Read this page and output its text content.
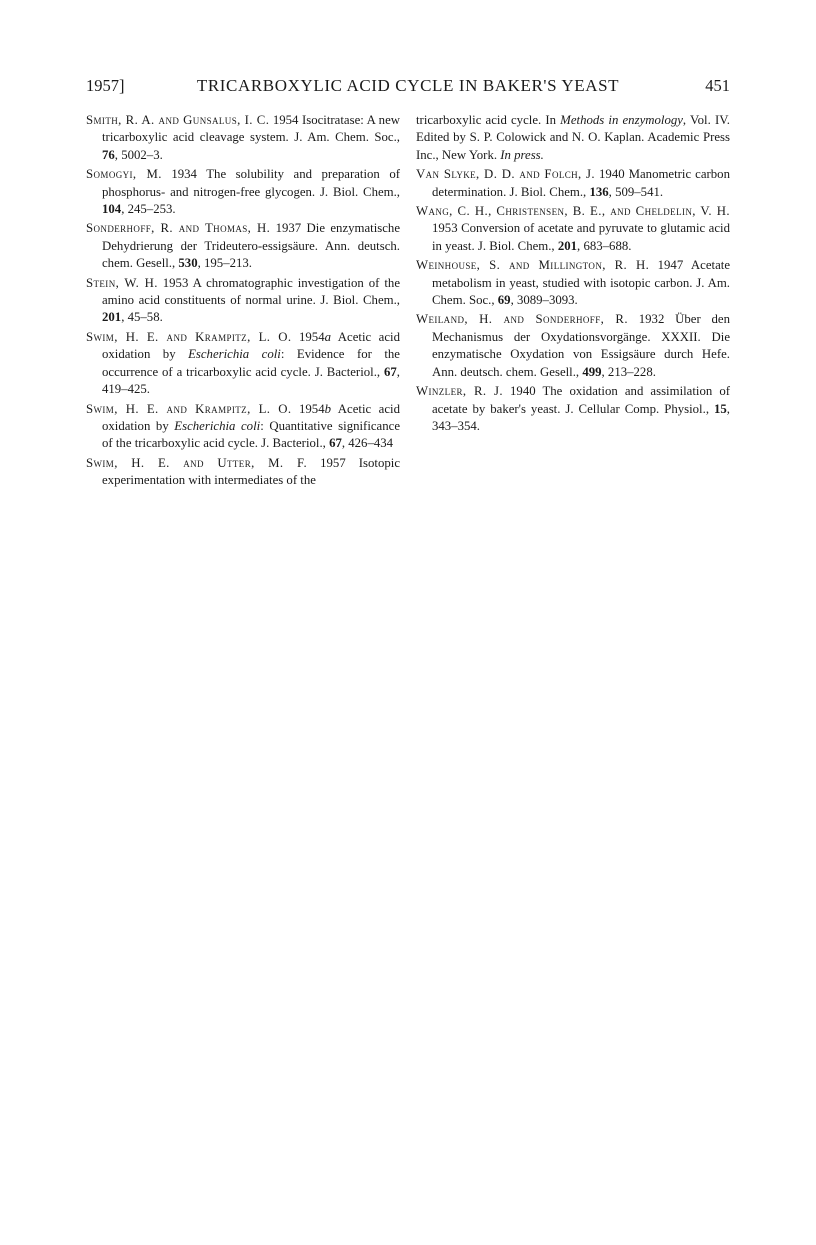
1957]	TRICARBOXYLIC ACID CYCLE IN BAKER'S YEAST	451

Smith, R. A. and Gunsalus, I. C. 1954 Isocitratase: A new tricarboxylic acid cleavage system. J. Am. Chem. Soc., 76, 5002–3.

Somogyi, M. 1934 The solubility and preparation of phosphorus- and nitrogen-free glycogen. J. Biol. Chem., 104, 245–253.

Sonderhoff, R. and Thomas, H. 1937 Die enzymatische Dehydrierung der Trideutero-essigsäure. Ann. deutsch. chem. Gesell., 530, 195–213.

Stein, W. H. 1953 A chromatographic investigation of the amino acid constituents of normal urine. J. Biol. Chem., 201, 45–58.

Swim, H. E. and Krampitz, L. O. 1954a Acetic acid oxidation by Escherichia coli: Evidence for the occurrence of a tricarboxylic acid cycle. J. Bacteriol., 67, 419–425.

Swim, H. E. and Krampitz, L. O. 1954b Acetic acid oxidation by Escherichia coli: Quantitative significance of the tricarboxylic acid cycle. J. Bacteriol., 67, 426–434

Swim, H. E. and Utter, M. F. 1957 Isotopic experimentation with intermediates of the

tricarboxylic acid cycle. In Methods in enzymology, Vol. IV. Edited by S. P. Colowick and N. O. Kaplan. Academic Press Inc., New York. In press.

Van Slyke, D. D. and Folch, J. 1940 Manometric carbon determination. J. Biol. Chem., 136, 509–541.

Wang, C. H., Christensen, B. E., and Cheldelin, V. H. 1953 Conversion of acetate and pyruvate to glutamic acid in yeast. J. Biol. Chem., 201, 683–688.

Weinhouse, S. and Millington, R. H. 1947 Acetate metabolism in yeast, studied with isotopic carbon. J. Am. Chem. Soc., 69, 3089–3093.

Weiland, H. and Sonderhoff, R. 1932 Über den Mechanismus der Oxydationsvorgänge. XXXII. Die enzymatische Oxydation von Essigsäure durch Hefe. Ann. deutsch. chem. Gesell., 499, 213–228.

Winzler, R. J. 1940 The oxidation and assimilation of acetate by baker's yeast. J. Cellular Comp. Physiol., 15, 343–354.
